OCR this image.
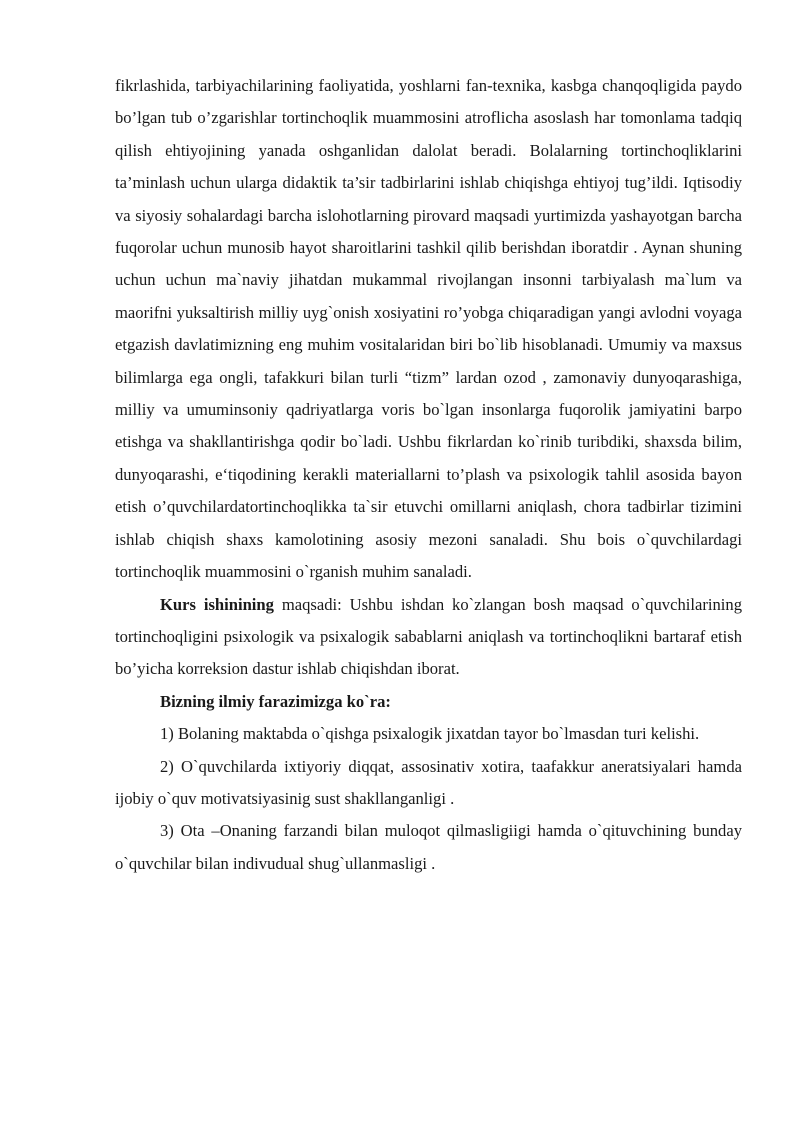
fikrlashida, tarbiyachilarining faoliyatida, yoshlarni fan-texnika, kasbga chanqoqligida paydo bo’lgan tub o’zgarishlar tortinchoqlik muammosini atroflicha asoslash har tomonlama tadqiq qilish ehtiyojining yanada oshganlidan dalolat beradi. Bolalarning tortinchoqliklarini ta’minlash uchun ularga didaktik ta’sir tadbirlarini ishlab chiqishga ehtiyoj tug’ildi. Iqtisodiy va siyosiy sohalardagi barcha islohotlarning pirovard maqsadi yurtimizda yashayotgan barcha fuqorolar uchun munosib hayot sharoitlarini tashkil qilib berishdan iboratdir . Aynan shuning uchun uchun ma`naviy jihatdan mukammal rivojlangan insonni tarbiyalash ma`lum va maorifni yuksaltirish milliy uyg`onish xosiyatini ro’yobga chiqaradigan yangi avlodni voyaga etgazish davlatimizning eng muhim vositalaridan biri bo`lib hisoblanadi. Umumiy va maxsus bilimlarga ega ongli, tafakkuri bilan turli “tizm” lardan ozod , zamonaviy dunyoqarashiga, milliy va umuminsoniy qadriyatlarga voris bo`lgan insonlarga fuqorolik jamiyatini barpo etishga va shakllantirishga qodir bo`ladi. Ushbu fikrlardan ko`rinib turibdiki, shaxsda bilim, dunyoqarashi, e‘tiqodining kerakli materiallarni to’plash va psixologik tahlil asosida bayon etish o’quvchilardatortinchoqlikka ta`sir etuvchi omillarni aniqlash, chora tadbirlar tizimini ishlab chiqish shaxs kamolotining asosiy mezoni sanaladi. Shu bois o`quvchilardagi tortinchoqlik muammosini o`rganish muhim sanaladi.

Kurs ishinining maqsadi: Ushbu ishdan ko`zlangan bosh maqsad o`quvchilarining tortinchoqligini psixologik va psixalogik sabablarni aniqlash va tortinchoqlikni bartaraf etish bo’yicha korreksion dastur ishlab chiqishdan iborat.

Bizning ilmiy farazimizga ko`ra:

1) Bolaning maktabda o`qishga psixalogik jixatdan tayor bo`lmasdan turi kelishi.

2) O`quvchilarda ixtiyoriy diqqat, assosinativ xotira, taafakkur aneratsiyalari hamda ijobiy o`quv motivatsiyasinig sust shakllanganligi .

3) Ota –Onaning farzandi bilan muloqot qilmasligiigi hamda o`qituvchining bunday o`quvchilar bilan indivudual shug`ullanmasligi .
